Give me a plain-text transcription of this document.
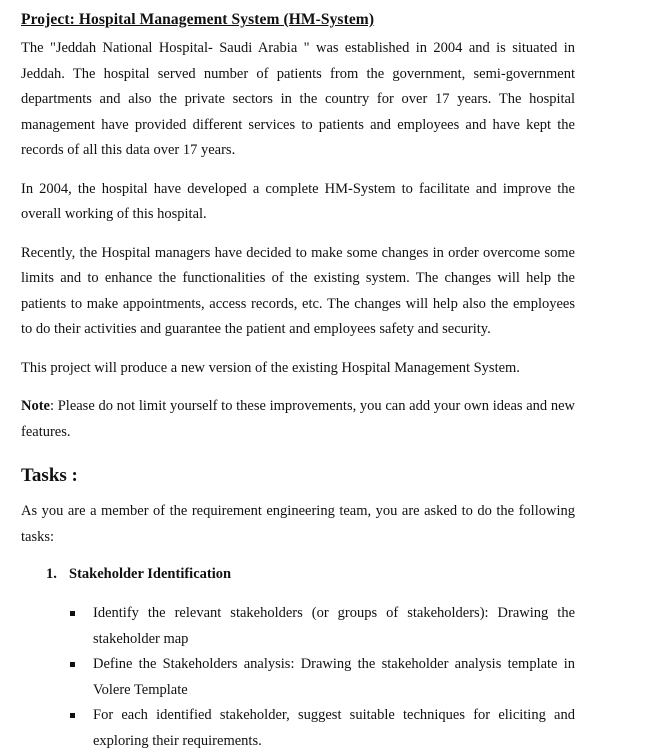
Project: Hospital Management System (HM-System)

The "Jeddah National Hospital- Saudi Arabia " was established in 2004 and is situated in Jeddah. The hospital served number of patients from the government, semi-government departments and also the private sectors in the country for over 17 years. The hospital management have provided different services to patients and employees and have kept the records of all this data over 17 years.

In 2004, the hospital have developed a complete HM-System to facilitate and improve the overall working of this hospital.

Recently, the Hospital managers have decided to make some changes in order overcome some limits and to enhance the functionalities of the existing system. The changes will help the patients to make appointments, access records, etc. The changes will help also the employees to do their activities and guarantee the patient and employees safety and security.

This project will produce a new version of the existing Hospital Management System.

Note: Please do not limit yourself to these improvements, you can add your own ideas and new features.

Tasks :

As you are a member of the requirement engineering team, you are asked to do the following tasks:

1. Stakeholder Identification
Identify the relevant stakeholders (or groups of stakeholders): Drawing the stakeholder map
Define the Stakeholders analysis: Drawing the stakeholder analysis template in Volere Template
For each identified stakeholder, suggest suitable techniques for eliciting and exploring their requirements.
